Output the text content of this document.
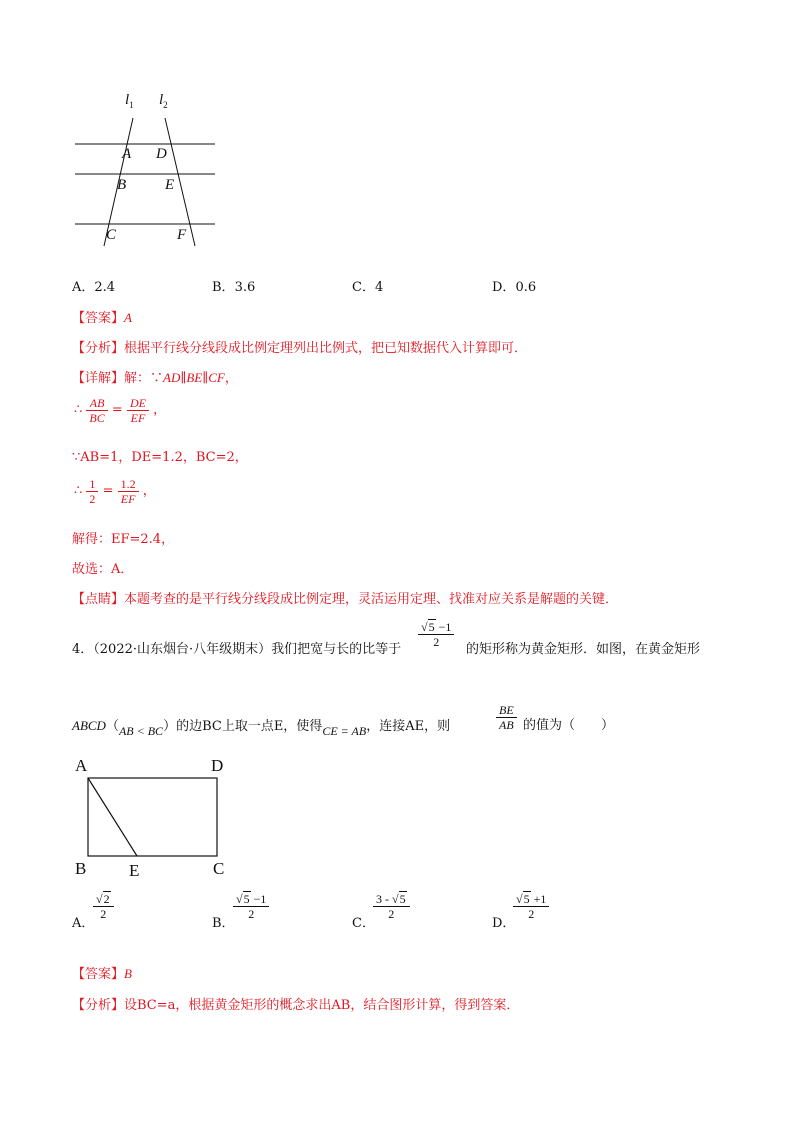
$l_1$ $l_2$
A D
B	E
C	F
A．2.4	B．3.6	C．4	D．0.6
【答案】A
【分析】根据平行线分线段成比例定理列出比例式，把已知数据代入计算即可．
【详解】解：∵AD∥BE∥CF，
∴ $\frac{AB}{BC} = \frac{DE}{EF}$ ，
∵AB=1，DE=1.2，BC=2，
∴ $\frac{1}{2} = \frac{1.2}{EF}$ ，
解得：EF=2.4，
故选：A．
【点睛】本题考查的是平行线分线段成比例定理，灵活运用定理、找准对应关系是解题的关键．
4．（2022·山东烟台·八年级期末）我们把宽与长的比等于
$\frac{√5 -1}{2}$
的矩形称为黄金矩形．如图，在黄金矩形
ABCD（AB < BC）的边BC上取一点E，使得CE = AB，连接AE，则	$\frac{BE}{AB}$ 的值为（　　）
A	D
B	E	C
A．
$\frac{√2}{2}$
B．
$\frac{√5 -1}{2}$
C．
$\frac{3 - √5}{2}$
D．
$\frac{√5 +1}{2}$
【答案】B
【分析】设BC=a，根据黄金矩形的概念求出AB，结合图形计算，得到答案．
